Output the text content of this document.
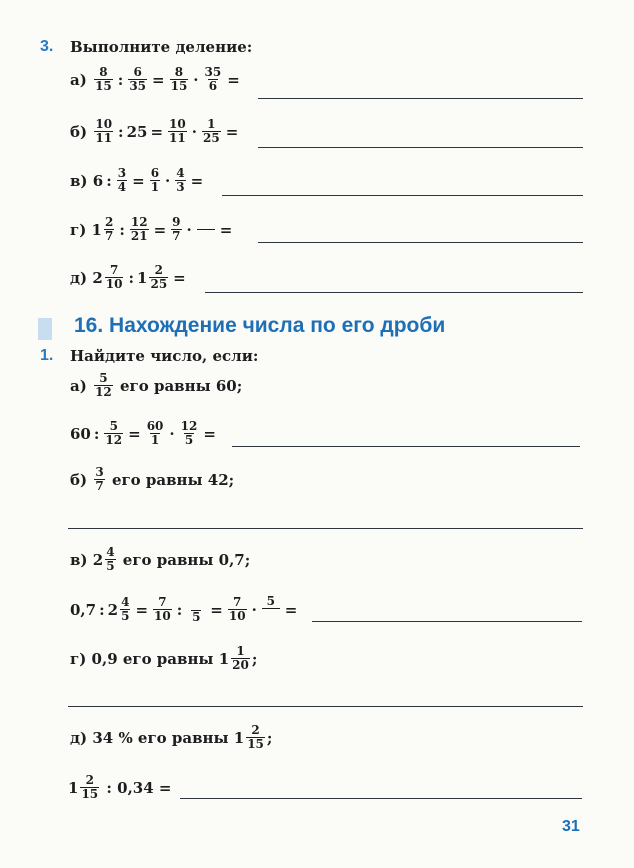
3. Выполните деление:
а)
$\frac{8}{15}$ : $\frac{6}{35} = \frac{8}{15} \cdot \frac{35}{6}$ =
б)
$\frac{10}{11}$ : $25 = \frac{10}{11} \cdot \frac{1}{25}$ =
в)
6 : $\frac{3}{4} = \frac{6}{1} \cdot \frac{4}{3}$ =
г)
$1 \frac{2}{7}$ : $\frac{12}{21} = \frac{9}{7}$ · =
д)
$2 \frac{7}{10}$ : $1 \frac{2}{25}$ =
16. Нахождение числа по его дроби
1. Найдите число, если:
а)
$\frac{5}{12}$
его равны 60;
60 : $\frac{5}{12} = \frac{60}{1} \cdot \frac{12}{5}$ =
б)
$\frac{3}{7}$
его равны 42;
в)
$2 \frac{4}{5}$
его равны 0,7;
0,7 : $2 \frac{4}{5} = \frac{7}{10}$ : $5 = \frac{7}{10} \cdot 5$ =
г)
0,9 его равны
$1 \frac{1}{20}$ ;
д)
34 % его равны
$1 \frac{2}{15}$ ;
$1 \frac{2}{15}$
: 0,34 =
31
